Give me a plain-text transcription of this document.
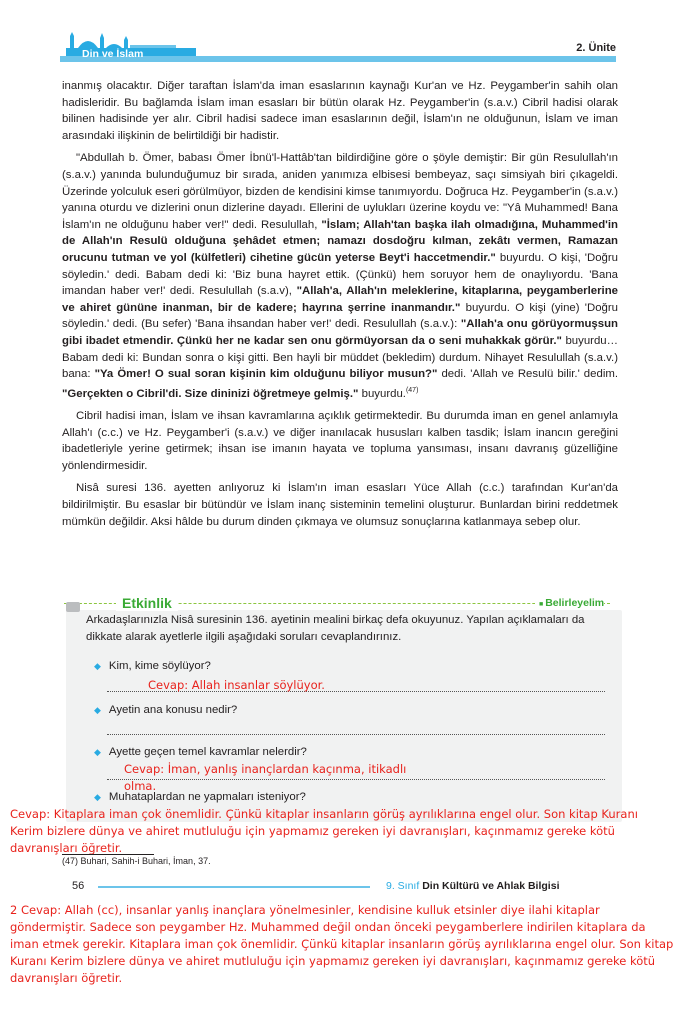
Din ve İslam	2. Ünite

inanmış olacaktır. Diğer taraftan İslam'da iman esaslarının kaynağı Kur'an ve Hz. Peygamber'in sahih olan hadisleridir. Bu bağlamda İslam iman esasları bir bütün olarak Hz. Peygamber'in (s.a.v.) Cibril hadisi olarak bilinen hadisinde yer alır. Cibril hadisi sadece iman esaslarının değil, İslam'ın ne olduğunun, İslam ve iman arasındaki ilişkinin de belirtildiği bir hadistir.

"Abdullah b. Ömer, babası Ömer İbnü'l-Hattâb'tan bildirdiğine göre o şöyle demiştir: Bir gün Resulullah'ın (s.a.v.) yanında bulunduğumuz bir sırada, aniden yanımıza elbisesi bembeyaz, saçı simsiyah biri çıkageldi. Üzerinde yolculuk eseri görülmüyor, bizden de kendisini kimse tanımıyordu. Doğruca Hz. Peygamber'in (s.a.v.) yanına oturdu ve dizlerini onun dizlerine dayadı. Ellerini de uylukları üzerine koydu ve: "Yâ Muhammed! Bana İslam'ın ne olduğunu haber ver!" dedi. Resulullah, "İslam; Allah'tan başka ilah olmadığına, Muhammed'in de Allah'ın Resulü olduğuna şehâdet etmen; namazı dosdoğru kılman, zekâtı vermen, Ramazan orucunu tutman ve yol (külfetleri) cihetine gücün yeterse Beyt'i haccetmendir." buyurdu. O kişi, 'Doğru söyledin.' dedi. Babam dedi ki: 'Biz buna hayret ettik. (Çünkü) hem soruyor hem de onaylıyordu. 'Bana imandan haber ver!' dedi. Resulullah (s.a.v), "Allah'a, Allah'ın meleklerine, kitaplarına, peygamberlerine ve ahiret gününe inanman, bir de kadere; hayrına şerrine inanmandır." buyurdu. O kişi (yine) 'Doğru söyledin.' dedi. (Bu sefer) 'Bana ihsandan haber ver!' dedi. Resulullah (s.a.v.): "Allah'a onu görüyormuşsun gibi ibadet etmendir. Çünkü her ne kadar sen onu görmüyorsan da o seni muhakkak görür." buyurdu… Babam dedi ki: Bundan sonra o kişi gitti. Ben hayli bir müddet (bekledim) durdum. Nihayet Resulullah (s.a.v.) bana: "Ya Ömer! O sual soran kişinin kim olduğunu biliyor musun?" dedi. 'Allah ve Resulü bilir.' dedim. "Gerçekten o Cibril'di. Size dininizi öğretmeye gelmiş." buyurdu.$^{(47)}$

Cibril hadisi iman, İslam ve ihsan kavramlarına açıklık getirmektedir. Bu durumda iman en genel anlamıyla Allah'ı (c.c.) ve Hz. Peygamber'i (s.a.v.) ve diğer inanılacak hususları kalben tasdik; İslam inancın gereğini ibadetleriyle yerine getirmek; ihsan ise imanın hayata ve topluma yansıması, insanı davranış güzelliğine yönlendirmesidir.

Nisâ suresi 136. ayetten anlıyoruz ki İslam'ın iman esasları Yüce Allah (c.c.) tarafından Kur'an'da bildirilmiştir. Bu esaslar bir bütündür ve İslam inanç sisteminin temelini oluşturur. Bunlardan birini reddetmek mümkün değildir. Aksi hâlde bu durum dinden çıkmaya ve olumsuz sonuçlarına katlanmaya sebep olur.

Etkinlik
■	Belirleyelim
Arkadaşlarınızla Nisâ suresinin 136. ayetinin mealini birkaç defa okuyunuz. Yapılan açıklamaları da dikkate alarak ayetlerle ilgili aşağıdaki soruları cevaplandırınız.
◆ Kim, kime söylüyor?
Cevap: Allah insanlar söylüyor.
◆ Ayetin ana konusu nedir?
◆ Ayette geçen temel kavramlar nelerdir?
Cevap: İman, yanlış inançlardan kaçınma, itikadlı olma.
◆ Muhataplardan ne yapmaları isteniyor?
Cevap: Kitaplara iman çok önemlidir. Çünkü kitaplar insanların görüş ayrılıklarına engel olur. Son kitap Kuranı Kerim bizlere dünya ve ahiret mutluluğu için yapmamız gereken iyi davranışları, kaçınmamız gereke kötü davranışları öğretir.
(47) Buhari, Sahih-i Buhari, İman, 37.
56	9. Sınıf Din Kültürü ve Ahlak Bilgisi
2 Cevap: Allah (cc), insanlar yanlış inançlara yönelmesinler, kendisine kulluk etsinler diye ilahi kitaplar göndermiştir. Sadece son peygamber Hz. Muhammed değil ondan önceki peygamberlere indirilen kitaplara da iman etmek gerekir. Kitaplara iman çok önemlidir. Çünkü kitaplar insanların görüş ayrılıklarına engel olur. Son kitap Kuranı Kerim bizlere dünya ve ahiret mutluluğu için yapmamız gereken iyi davranışları, kaçınmamız gereke kötü davranışları öğretir.
